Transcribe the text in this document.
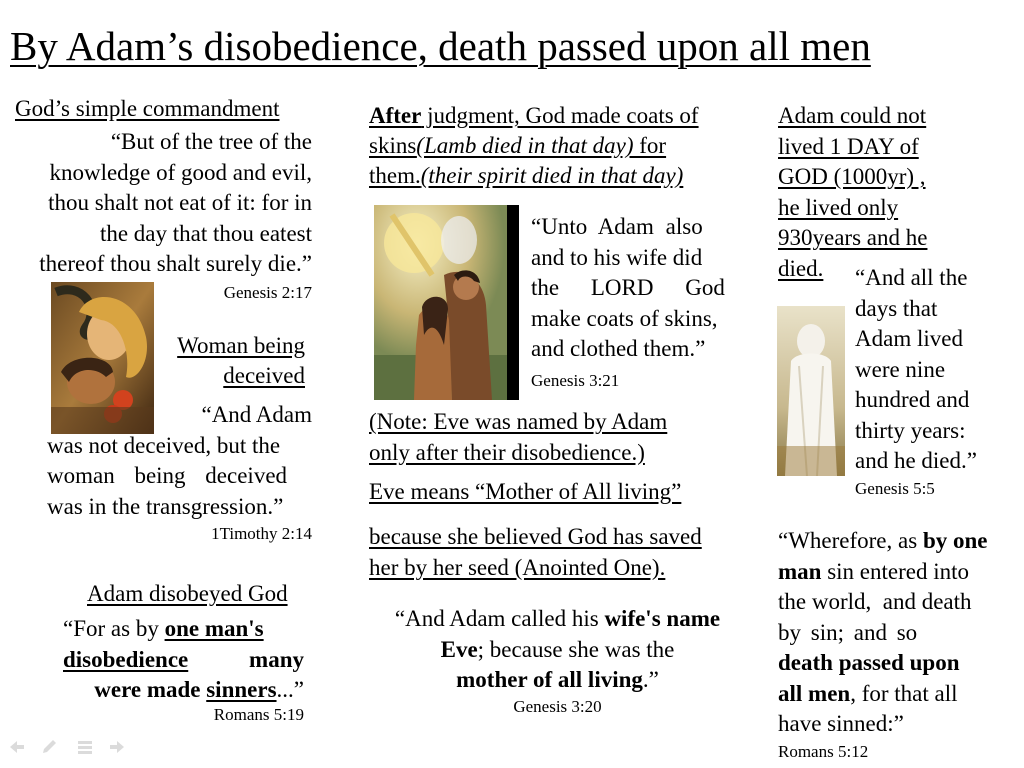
By Adam’s disobedience, death passed upon all men
God’s simple commandment
“But of the tree of the
knowledge of good and evil,
thou shalt not eat of it: for in
the day that thou eatest
thereof thou shalt surely die.”
Genesis 2:17
Woman being
deceived
“And Adam
was not deceived, but the
woman being deceived
was in the transgression.”
1Timothy 2:14
Adam disobeyed God
“For as by one man's
disobedience	many
were made sinners...”
Romans 5:19
After judgment, God made coats of
skins(Lamb died in that day) for
them.(their spirit died in that day)
“Unto Adam also
and to his wife did
the LORD God
make coats of skins,
and clothed them.”
Genesis 3:21
(Note: Eve was named by Adam
only after their disobedience.)
Eve means “Mother of All living”
because she believed God has saved
her by her seed (Anointed One).
“And Adam called his wife's name
Eve; because she was the
mother of all living.”
Genesis 3:20
Adam could not
lived 1 DAY of
GOD (1000yr) ,
he lived only
930years and he
died.	“And all the
days that
Adam lived
were nine
hundred and
thirty years:
and he died.”
Genesis 5:5
“Wherefore, as by one
man sin entered into
the world,  and death
by sin; and so
death passed upon
all men, for that all
have sinned:”
Romans 5:12
